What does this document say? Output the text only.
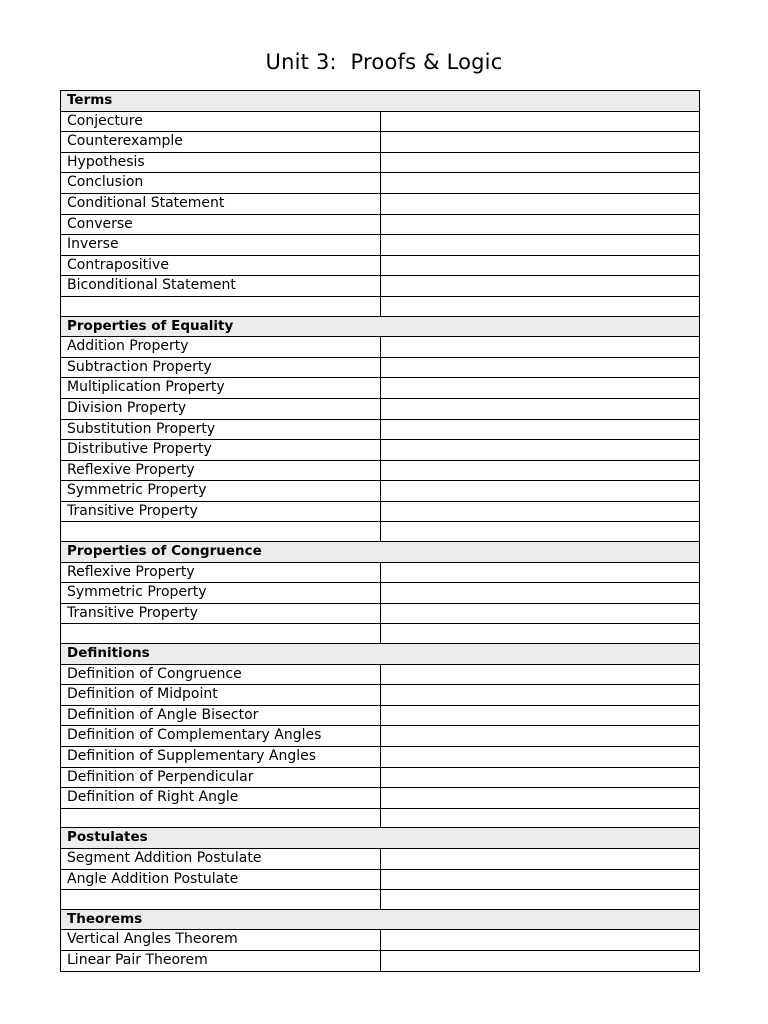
Unit 3:  Proofs & Logic
Terms	
Conjecture	
Counterexample	
Hypothesis	
Conclusion	
Conditional Statement	
Converse	
Inverse	
Contrapositive	
Biconditional Statement	

Properties of Equality	
Addition Property	
Subtraction Property	
Multiplication Property	
Division Property	
Substitution Property	
Distributive Property	
Reflexive Property	
Symmetric Property	
Transitive Property	

Properties of Congruence	
Reflexive Property	
Symmetric Property	
Transitive Property	

Definitions	
Definition of Congruence	
Definition of Midpoint	
Definition of Angle Bisector	
Definition of Complementary Angles	
Definition of Supplementary Angles	
Definition of Perpendicular	
Definition of Right Angle	

Postulates	
Segment Addition Postulate	
Angle Addition Postulate	

Theorems	
Vertical Angles Theorem	
Linear Pair Theorem	
